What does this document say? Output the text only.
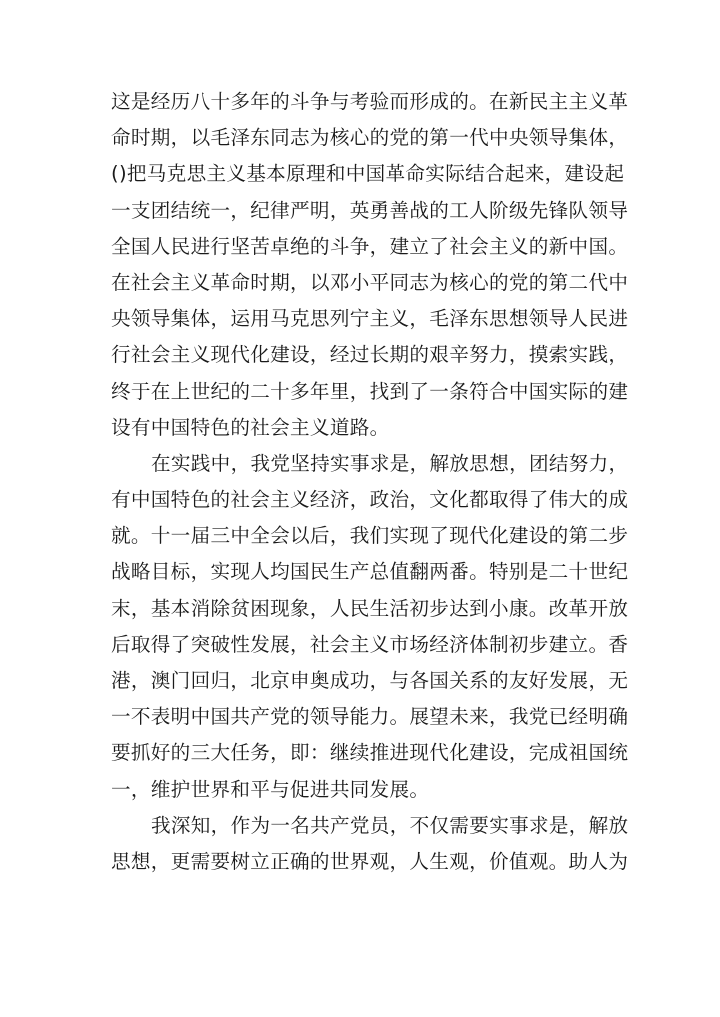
这是经历八十多年的斗争与考验而形成的。在新民主主义革
命时期，以毛泽东同志为核心的党的第一代中央领导集体，
()把马克思主义基本原理和中国革命实际结合起来，建设起
一支团结统一，纪律严明，英勇善战的工人阶级先锋队领导
全国人民进行坚苦卓绝的斗争，建立了社会主义的新中国。
在社会主义革命时期，以邓小平同志为核心的党的第二代中
央领导集体，运用马克思列宁主义，毛泽东思想领导人民进
行社会主义现代化建设，经过长期的艰辛努力，摸索实践，
终于在上世纪的二十多年里，找到了一条符合中国实际的建
设有中国特色的社会主义道路。
在实践中，我党坚持实事求是，解放思想，团结努力，
有中国特色的社会主义经济，政治，文化都取得了伟大的成
就。十一届三中全会以后，我们实现了现代化建设的第二步
战略目标，实现人均国民生产总值翻两番。特别是二十世纪
末，基本消除贫困现象，人民生活初步达到小康。改革开放
后取得了突破性发展，社会主义市场经济体制初步建立。香
港，澳门回归，北京申奥成功，与各国关系的友好发展，无
一不表明中国共产党的领导能力。展望未来，我党已经明确
要抓好的三大任务，即：继续推进现代化建设，完成祖国统
一，维护世界和平与促进共同发展。
我深知，作为一名共产党员，不仅需要实事求是，解放
思想，更需要树立正确的世界观，人生观，价值观。助人为
